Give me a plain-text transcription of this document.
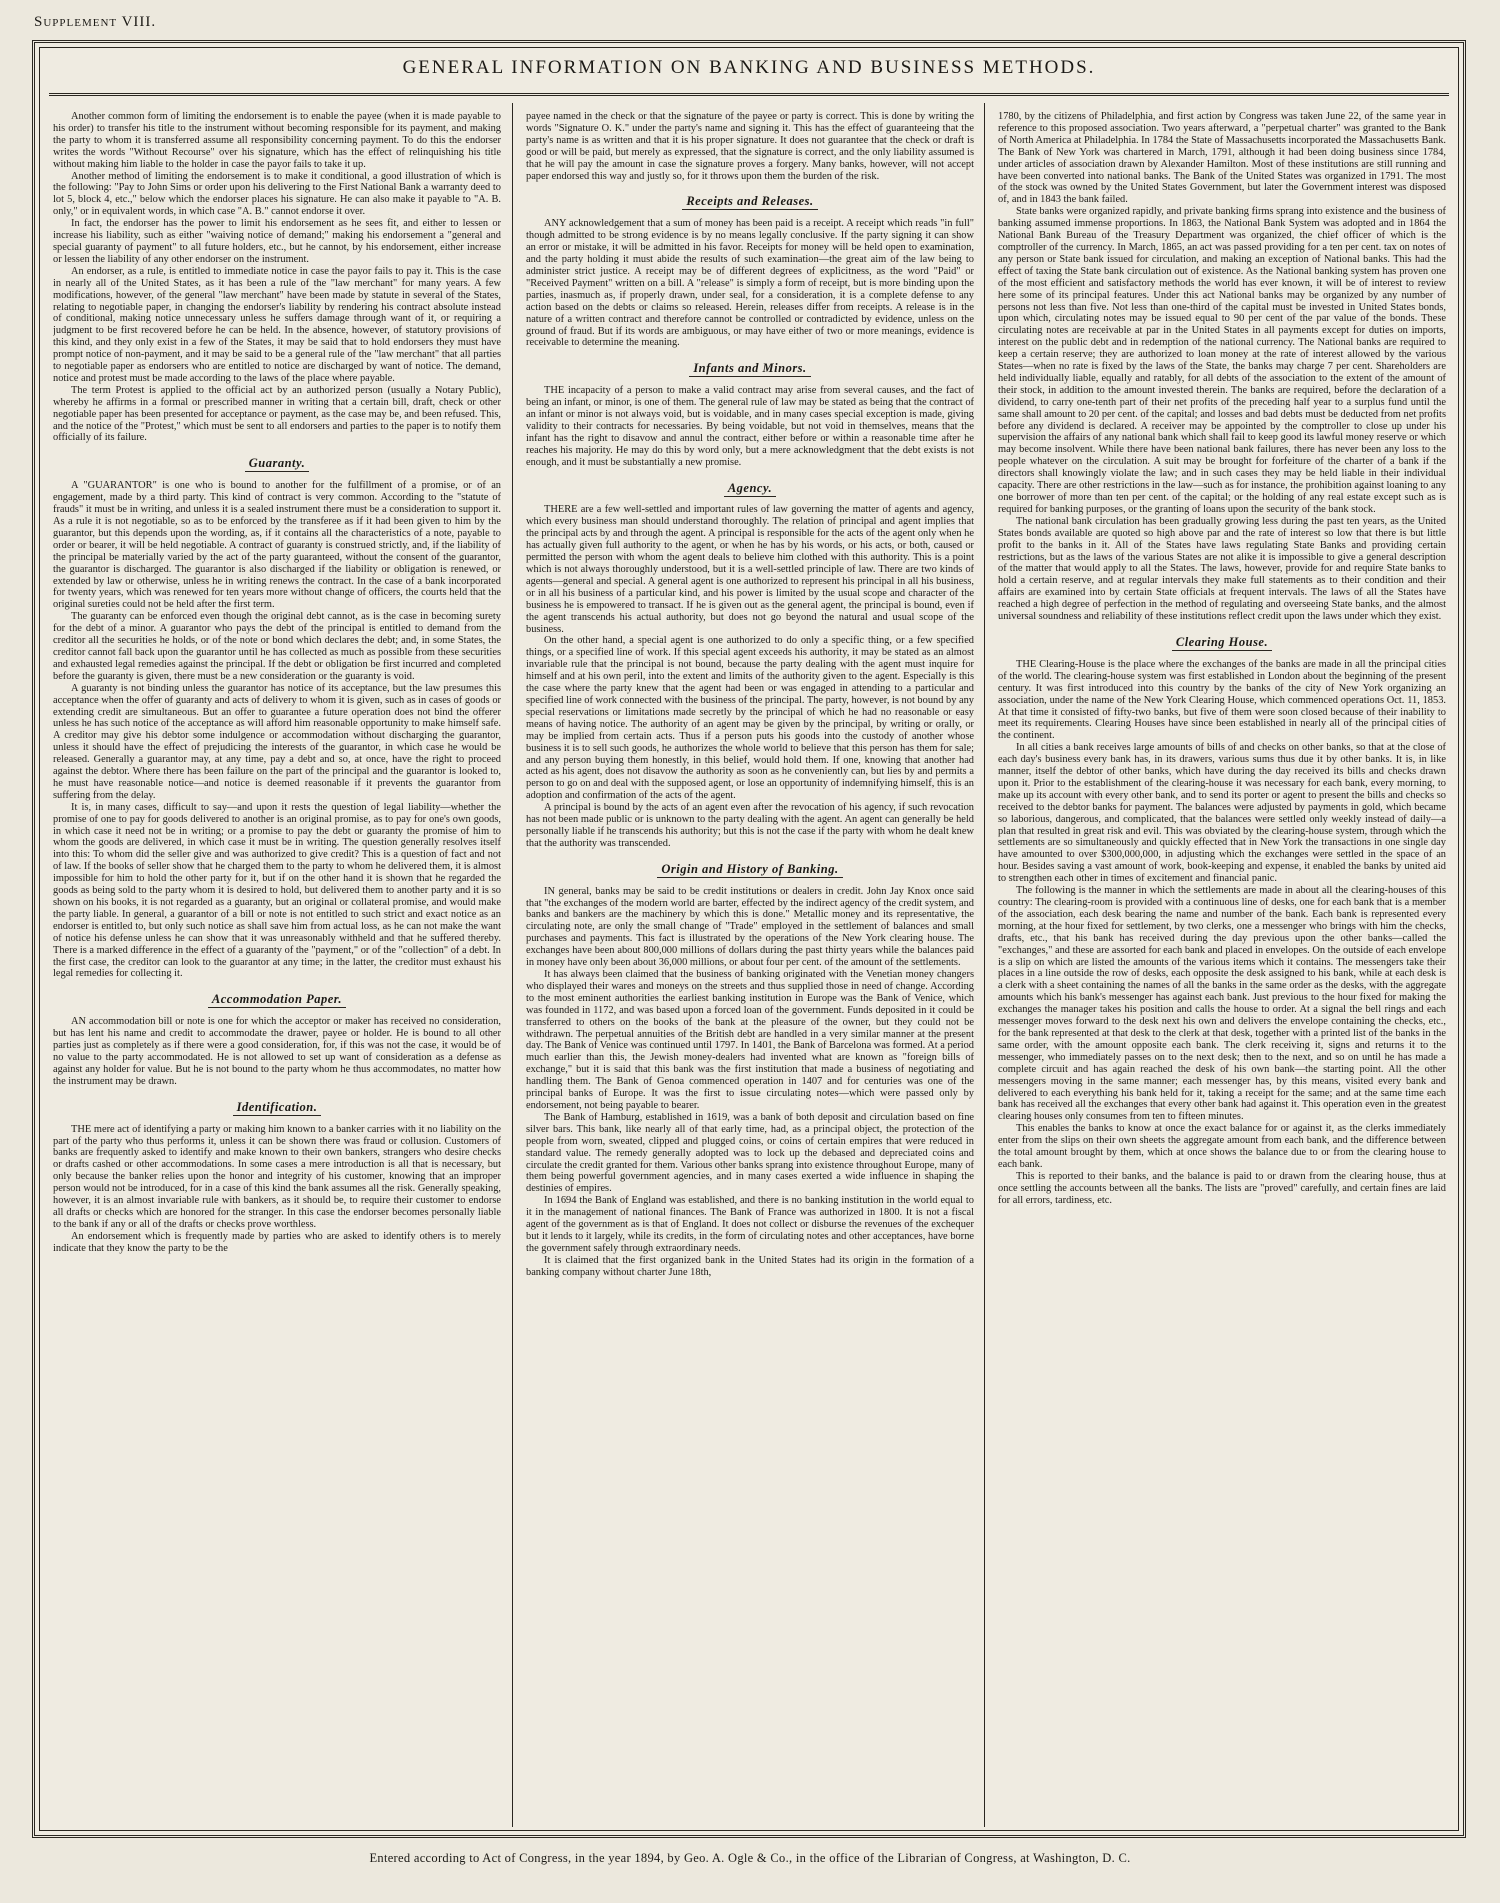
Supplement VIII.
GENERAL INFORMATION ON BANKING AND BUSINESS METHODS.

Another common form of limiting the endorsement is to enable the payee (when it is made payable to his order) to transfer his title to the instrument without becoming responsible for its payment, and making the party to whom it is transferred assume all responsibility concerning payment. To do this the endorser writes the words "Without Recourse" over his signature, which has the effect of relinquishing his title without making him liable to the holder in case the payor fails to take it up.

Another method of limiting the endorsement is to make it conditional, a good illustration of which is the following: "Pay to John Sims or order upon his delivering to the First National Bank a warranty deed to lot 5, block 4, etc.," below which the endorser places his signature. He can also make it payable to "A. B. only," or in equivalent words, in which case "A. B." cannot endorse it over.

In fact, the endorser has the power to limit his endorsement as he sees fit, and either to lessen or increase his liability, such as either "waiving notice of demand;" making his endorsement a "general and special guaranty of payment" to all future holders, etc., but he cannot, by his endorsement, either increase or lessen the liability of any other endorser on the instrument.

An endorser, as a rule, is entitled to immediate notice in case the payor fails to pay it. This is the case in nearly all of the United States, as it has been a rule of the "law merchant" for many years. A few modifications, however, of the general "law merchant" have been made by statute in several of the States, relating to negotiable paper, in changing the endorser's liability by rendering his contract absolute instead of conditional, making notice unnecessary unless he suffers damage through want of it, or requiring a judgment to be first recovered before he can be held. In the absence, however, of statutory provisions of this kind, and they only exist in a few of the States, it may be said that to hold endorsers they must have prompt notice of non-payment, and it may be said to be a general rule of the "law merchant" that all parties to negotiable paper as endorsers who are entitled to notice are discharged by want of notice. The demand, notice and protest must be made according to the laws of the place where payable.

The term Protest is applied to the official act by an authorized person (usually a Notary Public), whereby he affirms in a formal or prescribed manner in writing that a certain bill, draft, check or other negotiable paper has been presented for acceptance or payment, as the case may be, and been refused. This, and the notice of the "Protest," which must be sent to all endorsers and parties to the paper is to notify them officially of its failure.

Guaranty.

A "GUARANTOR" is one who is bound to another for the fulfillment of a promise, or of an engagement, made by a third party. This kind of contract is very common. According to the "statute of frauds" it must be in writing, and unless it is a sealed instrument there must be a consideration to support it. As a rule it is not negotiable, so as to be enforced by the transferee as if it had been given to him by the guarantor, but this depends upon the wording, as, if it contains all the characteristics of a note, payable to order or bearer, it will be held negotiable. A contract of guaranty is construed strictly, and, if the liability of the principal be materially varied by the act of the party guaranteed, without the consent of the guarantor, the guarantor is discharged. The guarantor is also discharged if the liability or obligation is renewed, or extended by law or otherwise, unless he in writing renews the contract. In the case of a bank incorporated for twenty years, which was renewed for ten years more without change of officers, the courts held that the original sureties could not be held after the first term.

The guaranty can be enforced even though the original debt cannot, as is the case in becoming surety for the debt of a minor. A guarantor who pays the debt of the principal is entitled to demand from the creditor all the securities he holds, or of the note or bond which declares the debt; and, in some States, the creditor cannot fall back upon the guarantor until he has collected as much as possible from these securities and exhausted legal remedies against the principal. If the debt or obligation be first incurred and completed before the guaranty is given, there must be a new consideration or the guaranty is void.

A guaranty is not binding unless the guarantor has notice of its acceptance, but the law presumes this acceptance when the offer of guaranty and acts of delivery to whom it is given, such as in cases of goods or extending credit are simultaneous. But an offer to guarantee a future operation does not bind the offerer unless he has such notice of the acceptance as will afford him reasonable opportunity to make himself safe. A creditor may give his debtor some indulgence or accommodation without discharging the guarantor, unless it should have the effect of prejudicing the interests of the guarantor, in which case he would be released. Generally a guarantor may, at any time, pay a debt and so, at once, have the right to proceed against the debtor. Where there has been failure on the part of the principal and the guarantor is looked to, he must have reasonable notice—and notice is deemed reasonable if it prevents the guarantor from suffering from the delay.

It is, in many cases, difficult to say—and upon it rests the question of legal liability—whether the promise of one to pay for goods delivered to another is an original promise, as to pay for one's own goods, in which case it need not be in writing; or a promise to pay the debt or guaranty the promise of him to whom the goods are delivered, in which case it must be in writing. The question generally resolves itself into this: To whom did the seller give and was authorized to give credit? This is a question of fact and not of law. If the books of seller show that he charged them to the party to whom he delivered them, it is almost impossible for him to hold the other party for it, but if on the other hand it is shown that he regarded the goods as being sold to the party whom it is desired to hold, but delivered them to another party and it is so shown on his books, it is not regarded as a guaranty, but an original or collateral promise, and would make the party liable. In general, a guarantor of a bill or note is not entitled to such strict and exact notice as an endorser is entitled to, but only such notice as shall save him from actual loss, as he can not make the want of notice his defense unless he can show that it was unreasonably withheld and that he suffered thereby. There is a marked difference in the effect of a guaranty of the "payment," or of the "collection" of a debt. In the first case, the creditor can look to the guarantor at any time; in the latter, the creditor must exhaust his legal remedies for collecting it.

Accommodation Paper.

AN accommodation bill or note is one for which the acceptor or maker has received no consideration, but has lent his name and credit to accommodate the drawer, payee or holder. He is bound to all other parties just as completely as if there were a good consideration, for, if this was not the case, it would be of no value to the party accommodated. He is not allowed to set up want of consideration as a defense as against any holder for value. But he is not bound to the party whom he thus accommodates, no matter how the instrument may be drawn.

Identification.

THE mere act of identifying a party or making him known to a banker carries with it no liability on the part of the party who thus performs it, unless it can be shown there was fraud or collusion. Customers of banks are frequently asked to identify and make known to their own bankers, strangers who desire checks or drafts cashed or other accommodations. In some cases a mere introduction is all that is necessary, but only because the banker relies upon the honor and integrity of his customer, knowing that an improper person would not be introduced, for in a case of this kind the bank assumes all the risk. Generally speaking, however, it is an almost invariable rule with bankers, as it should be, to require their customer to endorse all drafts or checks which are honored for the stranger. In this case the endorser becomes personally liable to the bank if any or all of the drafts or checks prove worthless.

An endorsement which is frequently made by parties who are asked to identify others is to merely indicate that they know the party to be the

payee named in the check or that the signature of the payee or party is correct. This is done by writing the words "Signature O. K." under the party's name and signing it. This has the effect of guaranteeing that the party's name is as written and that it is his proper signature. It does not guarantee that the check or draft is good or will be paid, but merely as expressed, that the signature is correct, and the only liability assumed is that he will pay the amount in case the signature proves a forgery. Many banks, however, will not accept paper endorsed this way and justly so, for it throws upon them the burden of the risk.

Receipts and Releases.

ANY acknowledgement that a sum of money has been paid is a receipt. A receipt which reads "in full" though admitted to be strong evidence is by no means legally conclusive. If the party signing it can show an error or mistake, it will be admitted in his favor. Receipts for money will be held open to examination, and the party holding it must abide the results of such examination—the great aim of the law being to administer strict justice. A receipt may be of different degrees of explicitness, as the word "Paid" or "Received Payment" written on a bill. A "release" is simply a form of receipt, but is more binding upon the parties, inasmuch as, if properly drawn, under seal, for a consideration, it is a complete defense to any action based on the debts or claims so released. Herein, releases differ from receipts. A release is in the nature of a written contract and therefore cannot be controlled or contradicted by evidence, unless on the ground of fraud. But if its words are ambiguous, or may have either of two or more meanings, evidence is receivable to determine the meaning.

Infants and Minors.

THE incapacity of a person to make a valid contract may arise from several causes, and the fact of being an infant, or minor, is one of them. The general rule of law may be stated as being that the contract of an infant or minor is not always void, but is voidable, and in many cases special exception is made, giving validity to their contracts for necessaries. By being voidable, but not void in themselves, means that the infant has the right to disavow and annul the contract, either before or within a reasonable time after he reaches his majority. He may do this by word only, but a mere acknowledgment that the debt exists is not enough, and it must be substantially a new promise.

Agency.

THERE are a few well-settled and important rules of law governing the matter of agents and agency, which every business man should understand thoroughly. The relation of principal and agent implies that the principal acts by and through the agent. A principal is responsible for the acts of the agent only when he has actually given full authority to the agent, or when he has by his words, or his acts, or both, caused or permitted the person with whom the agent deals to believe him clothed with this authority. This is a point which is not always thoroughly understood, but it is a well-settled principle of law. There are two kinds of agents—general and special. A general agent is one authorized to represent his principal in all his business, or in all his business of a particular kind, and his power is limited by the usual scope and character of the business he is empowered to transact. If he is given out as the general agent, the principal is bound, even if the agent transcends his actual authority, but does not go beyond the natural and usual scope of the business.

On the other hand, a special agent is one authorized to do only a specific thing, or a few specified things, or a specified line of work. If this special agent exceeds his authority, it may be stated as an almost invariable rule that the principal is not bound, because the party dealing with the agent must inquire for himself and at his own peril, into the extent and limits of the authority given to the agent. Especially is this the case where the party knew that the agent had been or was engaged in attending to a particular and specified line of work connected with the business of the principal. The party, however, is not bound by any special reservations or limitations made secretly by the principal of which he had no reasonable or easy means of having notice. The authority of an agent may be given by the principal, by writing or orally, or may be implied from certain acts. Thus if a person puts his goods into the custody of another whose business it is to sell such goods, he authorizes the whole world to believe that this person has them for sale; and any person buying them honestly, in this belief, would hold them. If one, knowing that another had acted as his agent, does not disavow the authority as soon as he conveniently can, but lies by and permits a person to go on and deal with the supposed agent, or lose an opportunity of indemnifying himself, this is an adoption and confirmation of the acts of the agent.

A principal is bound by the acts of an agent even after the revocation of his agency, if such revocation has not been made public or is unknown to the party dealing with the agent. An agent can generally be held personally liable if he transcends his authority; but this is not the case if the party with whom he dealt knew that the authority was transcended.

Origin and History of Banking.

IN general, banks may be said to be credit institutions or dealers in credit. John Jay Knox once said that "the exchanges of the modern world are barter, effected by the indirect agency of the credit system, and banks and bankers are the machinery by which this is done." Metallic money and its representative, the circulating note, are only the small change of "Trade" employed in the settlement of balances and small purchases and payments. This fact is illustrated by the operations of the New York clearing house. The exchanges have been about 800,000 millions of dollars during the past thirty years while the balances paid in money have only been about 36,000 millions, or about four per cent. of the amount of the settlements.

It has always been claimed that the business of banking originated with the Venetian money changers who displayed their wares and moneys on the streets and thus supplied those in need of change. According to the most eminent authorities the earliest banking institution in Europe was the Bank of Venice, which was founded in 1172, and was based upon a forced loan of the government. Funds deposited in it could be transferred to others on the books of the bank at the pleasure of the owner, but they could not be withdrawn. The perpetual annuities of the British debt are handled in a very similar manner at the present day. The Bank of Venice was continued until 1797. In 1401, the Bank of Barcelona was formed. At a period much earlier than this, the Jewish money-dealers had invented what are known as "foreign bills of exchange," but it is said that this bank was the first institution that made a business of negotiating and handling them. The Bank of Genoa commenced operation in 1407 and for centuries was one of the principal banks of Europe. It was the first to issue circulating notes—which were passed only by endorsement, not being payable to bearer.

The Bank of Hamburg, established in 1619, was a bank of both deposit and circulation based on fine silver bars. This bank, like nearly all of that early time, had, as a principal object, the protection of the people from worn, sweated, clipped and plugged coins, or coins of certain empires that were reduced in standard value. The remedy generally adopted was to lock up the debased and depreciated coins and circulate the credit granted for them. Various other banks sprang into existence throughout Europe, many of them being powerful government agencies, and in many cases exerted a wide influence in shaping the destinies of empires.

In 1694 the Bank of England was established, and there is no banking institution in the world equal to it in the management of national finances. The Bank of France was authorized in 1800. It is not a fiscal agent of the government as is that of England. It does not collect or disburse the revenues of the exchequer but it lends to it largely, while its credits, in the form of circulating notes and other acceptances, have borne the government safely through extraordinary needs.

It is claimed that the first organized bank in the United States had its origin in the formation of a banking company without charter June 18th,

1780, by the citizens of Philadelphia, and first action by Congress was taken June 22, of the same year in reference to this proposed association. Two years afterward, a "perpetual charter" was granted to the Bank of North America at Philadelphia. In 1784 the State of Massachusetts incorporated the Massachusetts Bank. The Bank of New York was chartered in March, 1791, although it had been doing business since 1784, under articles of association drawn by Alexander Hamilton. Most of these institutions are still running and have been converted into national banks. The Bank of the United States was organized in 1791. The most of the stock was owned by the United States Government, but later the Government interest was disposed of, and in 1843 the bank failed.

State banks were organized rapidly, and private banking firms sprang into existence and the business of banking assumed immense proportions. In 1863, the National Bank System was adopted and in 1864 the National Bank Bureau of the Treasury Department was organized, the chief officer of which is the comptroller of the currency. In March, 1865, an act was passed providing for a ten per cent. tax on notes of any person or State bank issued for circulation, and making an exception of National banks. This had the effect of taxing the State bank circulation out of existence. As the National banking system has proven one of the most efficient and satisfactory methods the world has ever known, it will be of interest to review here some of its principal features. Under this act National banks may be organized by any number of persons not less than five. Not less than one-third of the capital must be invested in United States bonds, upon which, circulating notes may be issued equal to 90 per cent of the par value of the bonds. These circulating notes are receivable at par in the United States in all payments except for duties on imports, interest on the public debt and in redemption of the national currency. The National banks are required to keep a certain reserve; they are authorized to loan money at the rate of interest allowed by the various States—when no rate is fixed by the laws of the State, the banks may charge 7 per cent. Shareholders are held individually liable, equally and ratably, for all debts of the association to the extent of the amount of their stock, in addition to the amount invested therein. The banks are required, before the declaration of a dividend, to carry one-tenth part of their net profits of the preceding half year to a surplus fund until the same shall amount to 20 per cent. of the capital; and losses and bad debts must be deducted from net profits before any dividend is declared. A receiver may be appointed by the comptroller to close up under his supervision the affairs of any national bank which shall fail to keep good its lawful money reserve or which may become insolvent. While there have been national bank failures, there has never been any loss to the people whatever on the circulation. A suit may be brought for forfeiture of the charter of a bank if the directors shall knowingly violate the law; and in such cases they may be held liable in their individual capacity. There are other restrictions in the law—such as for instance, the prohibition against loaning to any one borrower of more than ten per cent. of the capital; or the holding of any real estate except such as is required for banking purposes, or the granting of loans upon the security of the bank stock.

The national bank circulation has been gradually growing less during the past ten years, as the United States bonds available are quoted so high above par and the rate of interest so low that there is but little profit to the banks in it. All of the States have laws regulating State Banks and providing certain restrictions, but as the laws of the various States are not alike it is impossible to give a general description of the matter that would apply to all the States. The laws, however, provide for and require State banks to hold a certain reserve, and at regular intervals they make full statements as to their condition and their affairs are examined into by certain State officials at frequent intervals. The laws of all the States have reached a high degree of perfection in the method of regulating and overseeing State banks, and the almost universal soundness and reliability of these institutions reflect credit upon the laws under which they exist.

Clearing House.

THE Clearing-House is the place where the exchanges of the banks are made in all the principal cities of the world. The clearing-house system was first established in London about the beginning of the present century. It was first introduced into this country by the banks of the city of New York organizing an association, under the name of the New York Clearing House, which commenced operations Oct. 11, 1853. At that time it consisted of fifty-two banks, but five of them were soon closed because of their inability to meet its requirements. Clearing Houses have since been established in nearly all of the principal cities of the continent.

In all cities a bank receives large amounts of bills of and checks on other banks, so that at the close of each day's business every bank has, in its drawers, various sums thus due it by other banks. It is, in like manner, itself the debtor of other banks, which have during the day received its bills and checks drawn upon it. Prior to the establishment of the clearing-house it was necessary for each bank, every morning, to make up its account with every other bank, and to send its porter or agent to present the bills and checks so received to the debtor banks for payment. The balances were adjusted by payments in gold, which became so laborious, dangerous, and complicated, that the balances were settled only weekly instead of daily—a plan that resulted in great risk and evil. This was obviated by the clearing-house system, through which the settlements are so simultaneously and quickly effected that in New York the transactions in one single day have amounted to over $300,000,000, in adjusting which the exchanges were settled in the space of an hour. Besides saving a vast amount of work, book-keeping and expense, it enabled the banks by united aid to strengthen each other in times of excitement and financial panic.

The following is the manner in which the settlements are made in about all the clearing-houses of this country: The clearing-room is provided with a continuous line of desks, one for each bank that is a member of the association, each desk bearing the name and number of the bank. Each bank is represented every morning, at the hour fixed for settlement, by two clerks, one a messenger who brings with him the checks, drafts, etc., that his bank has received during the day previous upon the other banks—called the "exchanges," and these are assorted for each bank and placed in envelopes. On the outside of each envelope is a slip on which are listed the amounts of the various items which it contains. The messengers take their places in a line outside the row of desks, each opposite the desk assigned to his bank, while at each desk is a clerk with a sheet containing the names of all the banks in the same order as the desks, with the aggregate amounts which his bank's messenger has against each bank. Just previous to the hour fixed for making the exchanges the manager takes his position and calls the house to order. At a signal the bell rings and each messenger moves forward to the desk next his own and delivers the envelope containing the checks, etc., for the bank represented at that desk to the clerk at that desk, together with a printed list of the banks in the same order, with the amount opposite each bank. The clerk receiving it, signs and returns it to the messenger, who immediately passes on to the next desk; then to the next, and so on until he has made a complete circuit and has again reached the desk of his own bank—the starting point. All the other messengers moving in the same manner; each messenger has, by this means, visited every bank and delivered to each everything his bank held for it, taking a receipt for the same; and at the same time each bank has received all the exchanges that every other bank had against it. This operation even in the greatest clearing houses only consumes from ten to fifteen minutes.

This enables the banks to know at once the exact balance for or against it, as the clerks immediately enter from the slips on their own sheets the aggregate amount from each bank, and the difference between the total amount brought by them, which at once shows the balance due to or from the clearing house to each bank.

This is reported to their banks, and the balance is paid to or drawn from the clearing house, thus at once settling the accounts between all the banks. The lists are "proved" carefully, and certain fines are laid for all errors, tardiness, etc.

Entered according to Act of Congress, in the year 1894, by Geo. A. Ogle & Co., in the office of the Librarian of Congress, at Washington, D. C.
